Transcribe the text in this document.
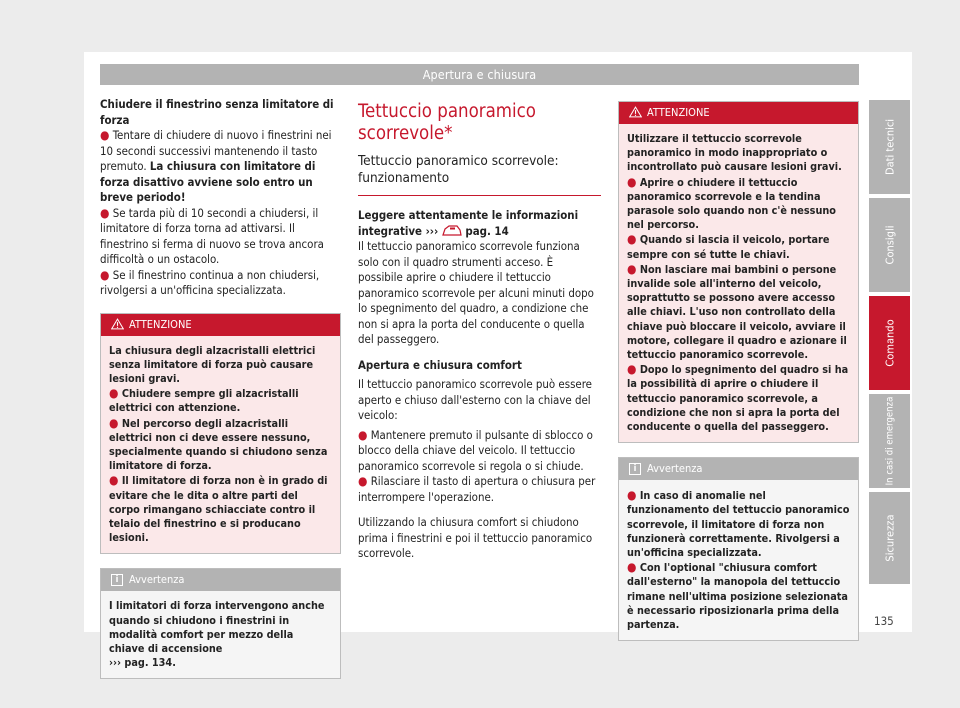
Apertura e chiusura

Chiudere il finestrino senza limitatore di forza

● Tentare di chiudere di nuovo i finestrini nei 10 secondi successivi mantenendo il tasto premuto. La chiusura con limitatore di forza disattivo avviene solo entro un breve periodo!

● Se tarda più di 10 secondi a chiudersi, il limitatore di forza torna ad attivarsi. Il finestrino si ferma di nuovo se trova ancora difficoltà o un ostacolo.

● Se il finestrino continua a non chiudersi, rivolgersi a un'officina specializzata.

ATTENZIONE

La chiusura degli alzacristalli elettrici senza limitatore di forza può causare lesioni gravi.

● Chiudere sempre gli alzacristalli elettrici con attenzione.

● Nel percorso degli alzacristalli elettrici non ci deve essere nessuno, specialmente quando si chiudono senza limitatore di forza.

● Il limitatore di forza non è in grado di evitare che le dita o altre parti del corpo rimangano schiacciate contro il telaio del finestrino e si producano lesioni.

i Avvertenza

I limitatori di forza intervengono anche quando si chiudono i finestrini in modalità comfort per mezzo della chiave di accensione
››› pag. 134.

Tettuccio panoramico scorrevole*
Tettuccio panoramico scorrevole: funzionamento

Leggere attentamente le informazioni integrative ›››  pag. 14

Il tettuccio panoramico scorrevole funziona solo con il quadro strumenti acceso. È possibile aprire o chiudere il tettuccio panoramico scorrevole per alcuni minuti dopo lo spegnimento del quadro, a condizione che non si apra la porta del conducente o quella del passeggero.

Apertura e chiusura comfort

Il tettuccio panoramico scorrevole può essere aperto e chiuso dall'esterno con la chiave del veicolo:

● Mantenere premuto il pulsante di sblocco o blocco della chiave del veicolo. Il tettuccio panoramico scorrevole si regola o si chiude.

● Rilasciare il tasto di apertura o chiusura per interrompere l'operazione.

Utilizzando la chiusura comfort si chiudono prima i finestrini e poi il tettuccio panoramico scorrevole.

ATTENZIONE

Utilizzare il tettuccio scorrevole panoramico in modo inappropriato o incontrollato può causare lesioni gravi.

● Aprire o chiudere il tettuccio panoramico scorrevole e la tendina parasole solo quando non c'è nessuno nel percorso.

● Quando si lascia il veicolo, portare sempre con sé tutte le chiavi.

● Non lasciare mai bambini o persone invalide sole all'interno del veicolo, soprattutto se possono avere accesso alle chiavi. L'uso non controllato della chiave può bloccare il veicolo, avviare il motore, collegare il quadro e azionare il tettuccio panoramico scorrevole.

● Dopo lo spegnimento del quadro si ha la possibilità di aprire o chiudere il tettuccio panoramico scorrevole, a condizione che non si apra la porta del conducente o quella del passeggero.

i Avvertenza

● In caso di anomalie nel funzionamento del tettuccio panoramico scorrevole, il limitatore di forza non funzionerà correttamente. Rivolgersi a un'officina specializzata.

● Con l'optional "chiusura comfort dall'esterno" la manopola del tettuccio rimane nell'ultima posizione selezionata è necessario riposizionarla prima della partenza.

Dati tecnici
Consigli
Comando
In casi di emergenza
Sicurezza
135
